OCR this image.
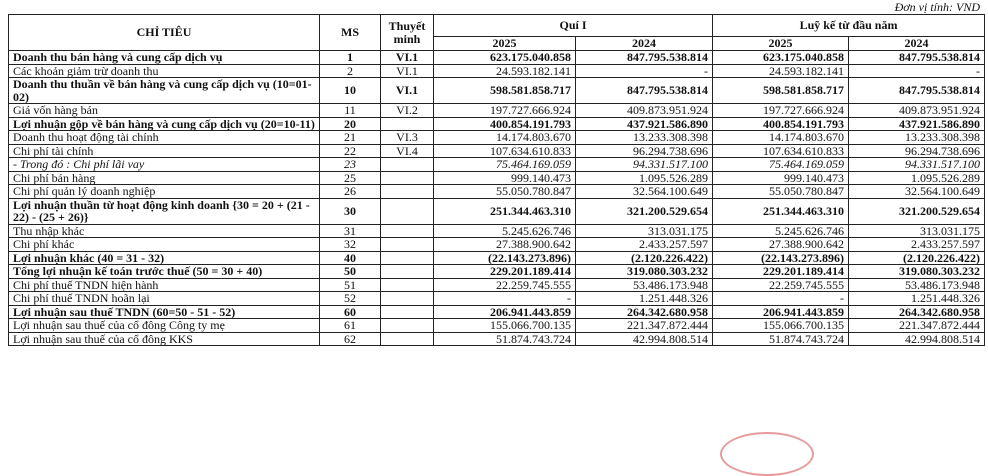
Đơn vị tính: VND
CHỈ TIÊU	MS	Thuyết minh	Quí I		Luỹ kế từ đầu năm	
			2025	2024	2025	2024
Doanh thu bán hàng và cung cấp dịch vụ	1	VI.1	623.175.040.858	847.795.538.814	623.175.040.858	847.795.538.814
Các khoản giảm trừ doanh thu	2	VI.1	24.593.182.141	-	24.593.182.141	-
Doanh thu thuần về bán hàng và cung cấp dịch vụ (10=01-02)	10	VI.1	598.581.858.717	847.795.538.814	598.581.858.717	847.795.538.814
Giá vốn hàng bán	11	VI.2	197.727.666.924	409.873.951.924	197.727.666.924	409.873.951.924
Lợi nhuận gộp về bán hàng và cung cấp dịch vụ (20=10-11)	20		400.854.191.793	437.921.586.890	400.854.191.793	437.921.586.890
Doanh thu hoạt động tài chính	21	VI.3	14.174.803.670	13.233.308.398	14.174.803.670	13.233.308.398
Chi phí tài chính	22	VI.4	107.634.610.833	96.294.738.696	107.634.610.833	96.294.738.696
- Trong đó : Chi phí lãi vay	23		75.464.169.059	94.331.517.100	75.464.169.059	94.331.517.100
Chi phí bán hàng	25		999.140.473	1.095.526.289	999.140.473	1.095.526.289
Chi phí quản lý doanh nghiệp	26		55.050.780.847	32.564.100.649	55.050.780.847	32.564.100.649
Lợi nhuận thuần từ hoạt động kinh doanh {30 = 20 + (21 - 22) - (25 + 26)}	30		251.344.463.310	321.200.529.654	251.344.463.310	321.200.529.654
Thu nhập khác	31		5.245.626.746	313.031.175	5.245.626.746	313.031.175
Chi phí khác	32		27.388.900.642	2.433.257.597	27.388.900.642	2.433.257.597
Lợi nhuận khác (40 = 31 - 32)	40		(22.143.273.896)	(2.120.226.422)	(22.143.273.896)	(2.120.226.422)
Tổng lợi nhuận kế toán trước thuế (50 = 30 + 40)	50		229.201.189.414	319.080.303.232	229.201.189.414	319.080.303.232
Chi phí thuế TNDN hiện hành	51		22.259.745.555	53.486.173.948	22.259.745.555	53.486.173.948
Chi phí thuế TNDN hoãn lại	52		-	1.251.448.326	-	1.251.448.326
Lợi nhuận sau thuế TNDN (60=50 - 51 - 52)	60		206.941.443.859	264.342.680.958	206.941.443.859	264.342.680.958
Lợi nhuận sau thuế của cổ đông Công ty mẹ	61		155.066.700.135	221.347.872.444	155.066.700.135	221.347.872.444
Lợi nhuận sau thuế của cổ đông KKS	62		51.874.743.724	42.994.808.514	51.874.743.724	42.994.808.514
